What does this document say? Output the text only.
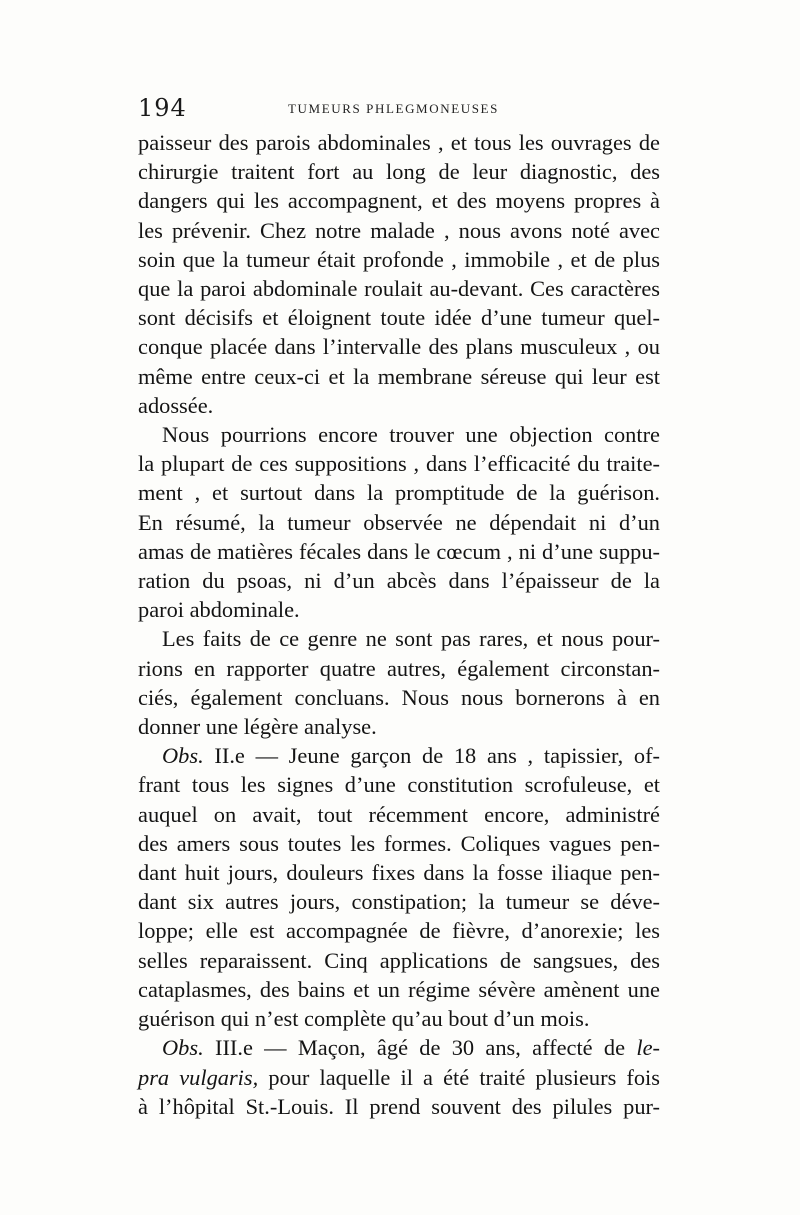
194	TUMEURS PHLEGMONEUSES
paisseur des parois abdominales , et tous les ouvrages de
chirurgie traitent fort au long de leur diagnostic, des
dangers qui les accompagnent, et des moyens propres à
les prévenir. Chez notre malade , nous avons noté avec
soin que la tumeur était profonde , immobile , et de plus
que la paroi abdominale roulait au-devant. Ces caractères
sont décisifs et éloignent toute idée d’une tumeur quel-
conque placée dans l’intervalle des plans musculeux , ou
même entre ceux-ci et la membrane séreuse qui leur est
adossée.
Nous pourrions encore trouver une objection contre
la plupart de ces suppositions , dans l’efficacité du traite-
ment , et surtout dans la promptitude de la guérison.
En résumé, la tumeur observée ne dépendait ni d’un
amas de matières fécales dans le cœcum , ni d’une suppu-
ration du psoas, ni d’un abcès dans l’épaisseur de la
paroi abdominale.
Les faits de ce genre ne sont pas rares, et nous pour-
rions en rapporter quatre autres, également circonstan-
ciés, également concluans. Nous nous bornerons à en
donner une légère analyse.
Obs. II.e — Jeune garçon de 18 ans , tapissier, of-
frant tous les signes d’une constitution scrofuleuse, et
auquel on avait, tout récemment encore, administré
des amers sous toutes les formes. Coliques vagues pen-
dant huit jours, douleurs fixes dans la fosse iliaque pen-
dant six autres jours, constipation; la tumeur se déve-
loppe; elle est accompagnée de fièvre, d’anorexie; les
selles reparaissent. Cinq applications de sangsues, des
cataplasmes, des bains et un régime sévère amènent une
guérison qui n’est complète qu’au bout d’un mois.
Obs. III.e — Maçon, âgé de 30 ans, affecté de le-
pra vulgaris, pour laquelle il a été traité plusieurs fois
à l’hôpital St.-Louis. Il prend souvent des pilules pur-
